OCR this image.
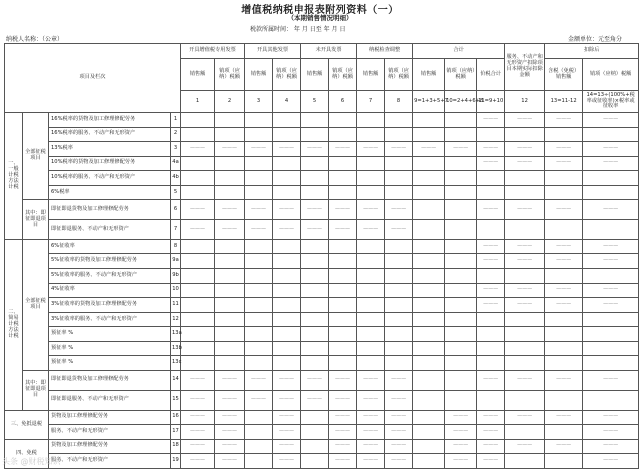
增值税纳税申报表附列资料（一）
（本期销售情况明细）
税款所属时间： 年 月 日至 年 月 日
纳税人名称：（公章）	金额单位：元至角分
项目及栏次				开具增值税专用发票		开具其他发票		未开具发票		纳税检查调整		合计			服务、不动产和无形资产扣除项目本期实际扣除金额	扣除后	
				销售额	销项（应纳）税额	销售额	销项（应纳）税额	销售额	销项（应纳）税额	销售额	销项（应纳）税额	销售额	销项（应纳）税额	价税合计		含税（免税）销售额	销项（应纳）税额
				1	2	3	4	5	6	7	8	9=1+3+5+7	10=2+4+6+8	11=9+10	12	13=11-12	14=13÷(100%+税率或征收率)×税率或征收率
一、一般计税方法计税	全部征税项目	16%税率的货物及加工修理修配劳务	1											———	———	———	———
		16%税率的服务、不动产和无形资产	2														
		13%税率	3	———	———	———	———	———	———	———	———	———	———	———	———	———	———
		10%税率的货物及加工修理修配劳务	4a											———	———	———	———
		10%税率的服务、不动产和无形资产	4b														
		6%税率	5														
	其中：即征即退项目	即征即退货物及加工修理修配劳务	6	———	———	———	———	———	———	———	———			———	———	———	———
		即征即退服务、不动产和无形资产	7	———	———	———	———	———	———	———	———						
二、简易计税方法计税	全部征税项目	6%征收率	8											———	———	———	———
		5%征收率的货物及加工修理修配劳务	9a											———	———	———	———
		5%征收率的服务、不动产和无形资产	9b														
		4%征收率	10											———	———	———	———
		3%征收率的货物及加工修理修配劳务	11											———	———	———	———
		3%征收率的服务、不动产和无形资产	12														
		预征率 %	13a														
		预征率 %	13b														
		预征率 %	13c														
	其中：即征即退项目	即征即退货物及加工修理修配劳务	14	———	———	———	———	———	———	———	———			———	———	———	———
		即征即退服务、不动产和无形资产	15	———	———	———	———	———	———	———	———						
三、免抵退税		货物及加工修理修配劳务	16	———	———		———		———	———	———		———	———	———	———	———
		服务、不动产和无形资产	17	———	———		———		———	———	———		———	———			———
四、免税		货物及加工修理修配劳务	18	———	———		———		———	———	———		———	———	———	———	———
		服务、不动产和无形资产	19	———	———		———		———	———	———		———	———			———
头条 @财税知识
